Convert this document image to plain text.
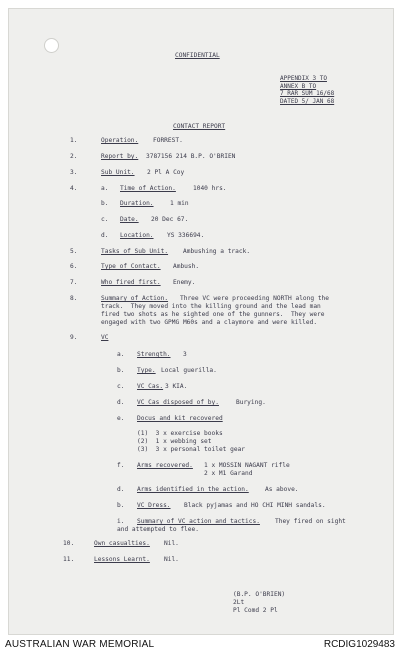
CONFIDENTIAL
APPENDIX 3 TO
ANNEX B TO
7 RAR SUM 16/68
DATED 5/ JAN 68
CONTACT REPORT
1.	Operation. FORREST.
2.	Report by. 3787156 214 B.P. O'BRIEN
3.	Sub Unit. 2 Pl A Coy
4.	a. Time of Action.	1040 hrs.
b. Duration.	1 min
c. Date. 20 Dec 67.
d. Location. YS 336694.
5.	Tasks of Sub Unit. Ambushing a track.
6.	Type of Contact. Ambush.
7.	Who fired first. Enemy.
8.	Summary of Action. Three VC were proceeding NORTH along the
track.  They moved into the killing ground and the lead man
fired two shots as he sighted one of the gunners.  They were
engaged with two GPMG M60s and a claymore and were killed.
9.	VC
a. Strength. 3
b. Type. Local guerilla.
c. VC Cas. 3 KIA.
d. VC Cas disposed of by.	Burying.
e. Docus and kit recovered
(1)  3 x exercise books
(2)  1 x webbing set
(3)  3 x personal toilet gear
f. Arms recovered. 1 x MOSSIN NAGANT rifle
2 x M1 Garand
d. Arms identified in the action.	As above.
b. VC Dress. Black pyjamas and HO CHI MINH sandals.
i. Summary of VC action and tactics. They fired on sight
and attempted to flee.
10.	Own casualties. Nil.
11.	Lessons Learnt. Nil.
(B.P. O'BRIEN)
2Lt
Pl Comd 2 Pl
AUSTRALIAN WAR MEMORIAL	RCDIG1029483
